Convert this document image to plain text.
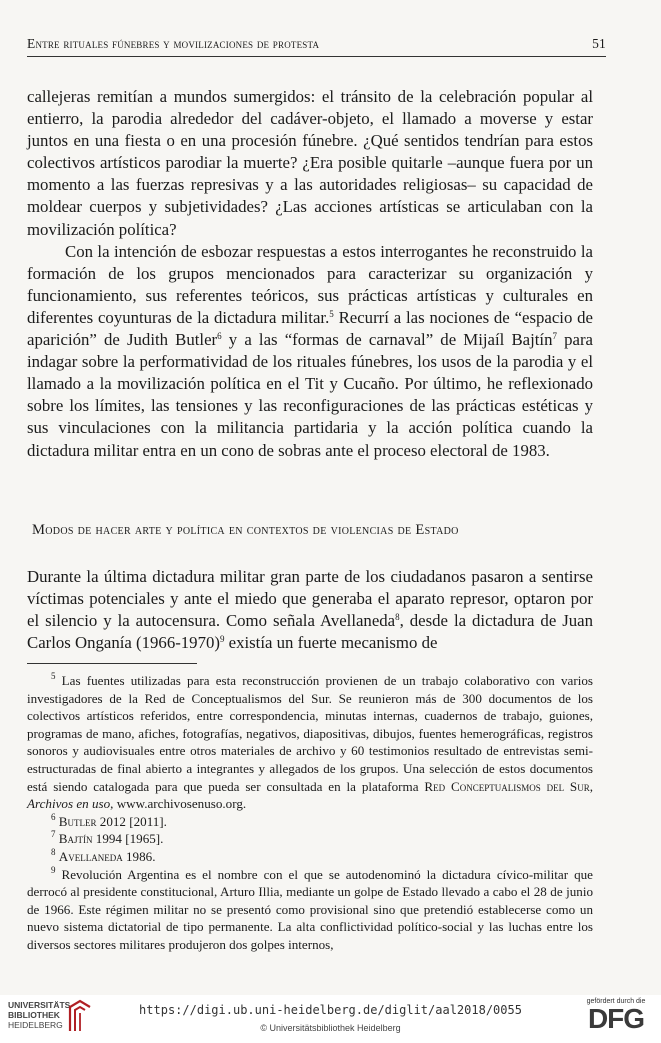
Entre rituales fúnebres y movilizaciones de protesta	51

callejeras remitían a mundos sumergidos: el tránsito de la celebración popular al entierro, la parodia alrededor del cadáver-objeto, el llamado a moverse y estar juntos en una fiesta o en una procesión fúnebre. ¿Qué sentidos tendrían para estos colectivos artísticos parodiar la muerte? ¿Era posible quitarle –aunque fuera por un momento a las fuerzas represivas y a las autoridades religiosas– su capacidad de moldear cuerpos y subjetividades? ¿Las acciones artísticas se articulaban con la movilización política?

Con la intención de esbozar respuestas a estos interrogantes he reconstruido la formación de los grupos mencionados para caracterizar su organización y funcionamiento, sus referentes teóricos, sus prácticas artísticas y culturales en diferentes coyunturas de la dictadura militar.$^5$ Recurrí a las nociones de “espacio de aparición” de Judith Butler$^6$ y a las “formas de carnaval” de Mijaíl Bajtín$^7$ para indagar sobre la performatividad de los rituales fúnebres, los usos de la parodia y el llamado a la movilización política en el Tit y Cucaño. Por último, he reflexionado sobre los límites, las tensiones y las reconfiguraciones de las prácticas estéticas y sus vinculaciones con la militancia partidaria y la acción política cuando la dictadura militar entra en un cono de sobras ante el proceso electoral de 1983.

Modos de hacer arte y política en contextos de violencias de Estado

Durante la última dictadura militar gran parte de los ciudadanos pasaron a sentirse víctimas potenciales y ante el miedo que generaba el aparato represor, optaron por el silencio y la autocensura. Como señala Avellaneda$^8$, desde la dictadura de Juan Carlos Onganía (1966-1970)$^9$ existía un fuerte mecanismo de

$^5$ Las fuentes utilizadas para esta reconstrucción provienen de un trabajo colaborativo con varios investigadores de la Red de Conceptualismos del Sur. Se reunieron más de 300 documentos de los colectivos artísticos referidos, entre correspondencia, minutas internas, cuadernos de trabajo, guiones, programas de mano, afiches, fotografías, negativos, diapositivas, dibujos, fuentes hemerográficas, registros sonoros y audiovisuales entre otros materiales de archivo y 60 testimonios resultado de entrevistas semi-estructuradas de final abierto a integrantes y allegados de los grupos. Una selección de estos documentos está siendo catalogada para que pueda ser consultada en la plataforma Red Conceptualismos del Sur, Archivos en uso, www.archivosenuso.org.

$^6$ Butler 2012 [2011].

$^7$ Bajtín 1994 [1965].

$^8$ Avellaneda 1986.

$^9$ Revolución Argentina es el nombre con el que se autodenominó la dictadura cívico-militar que derrocó al presidente constitucional, Arturo Illia, mediante un golpe de Estado llevado a cabo el 28 de junio de 1966. Este régimen militar no se presentó como provisional sino que pretendió establecerse como un nuevo sistema dictatorial de tipo permanente. La alta conflictividad político-social y las luchas entre los diversos sectores militares produjeron dos golpes internos,

UNIVERSITÄTS-
BIBLIOTHEK
HEIDELBERG
https://digi.ub.uni-heidelberg.de/diglit/aal2018/0055
© Universitätsbibliothek Heidelberg
gefördert durch die
DFG
